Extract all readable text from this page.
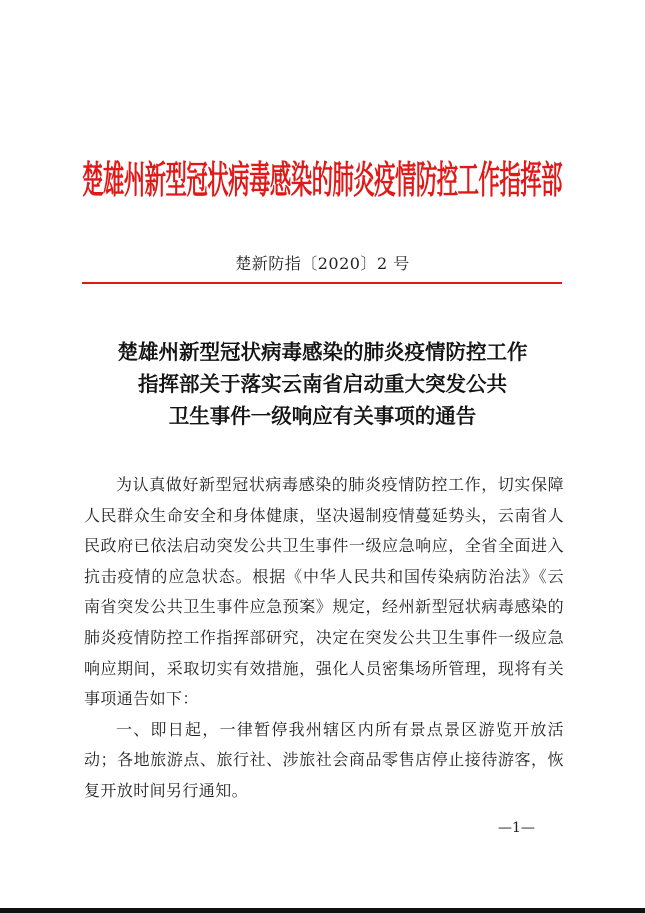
楚雄州新型冠状病毒感染的肺炎疫情防控工作指挥部
楚新防指〔2020〕2 号
楚雄州新型冠状病毒感染的肺炎疫情防控工作
指挥部关于落实云南省启动重大突发公共
卫生事件一级响应有关事项的通告

为认真做好新型冠状病毒感染的肺炎疫情防控工作，切实保障人民群众生命安全和身体健康，坚决遏制疫情蔓延势头，云南省人民政府已依法启动突发公共卫生事件一级应急响应，全省全面进入抗击疫情的应急状态。根据《中华人民共和国传染病防治法》《云南省突发公共卫生事件应急预案》规定，经州新型冠状病毒感染的肺炎疫情防控工作指挥部研究，决定在突发公共卫生事件一级应急响应期间，采取切实有效措施，强化人员密集场所管理，现将有关事项通告如下：

一、即日起，一律暂停我州辖区内所有景点景区游览开放活动；各地旅游点、旅行社、涉旅社会商品零售店停止接待游客，恢复开放时间另行通知。

—1—
